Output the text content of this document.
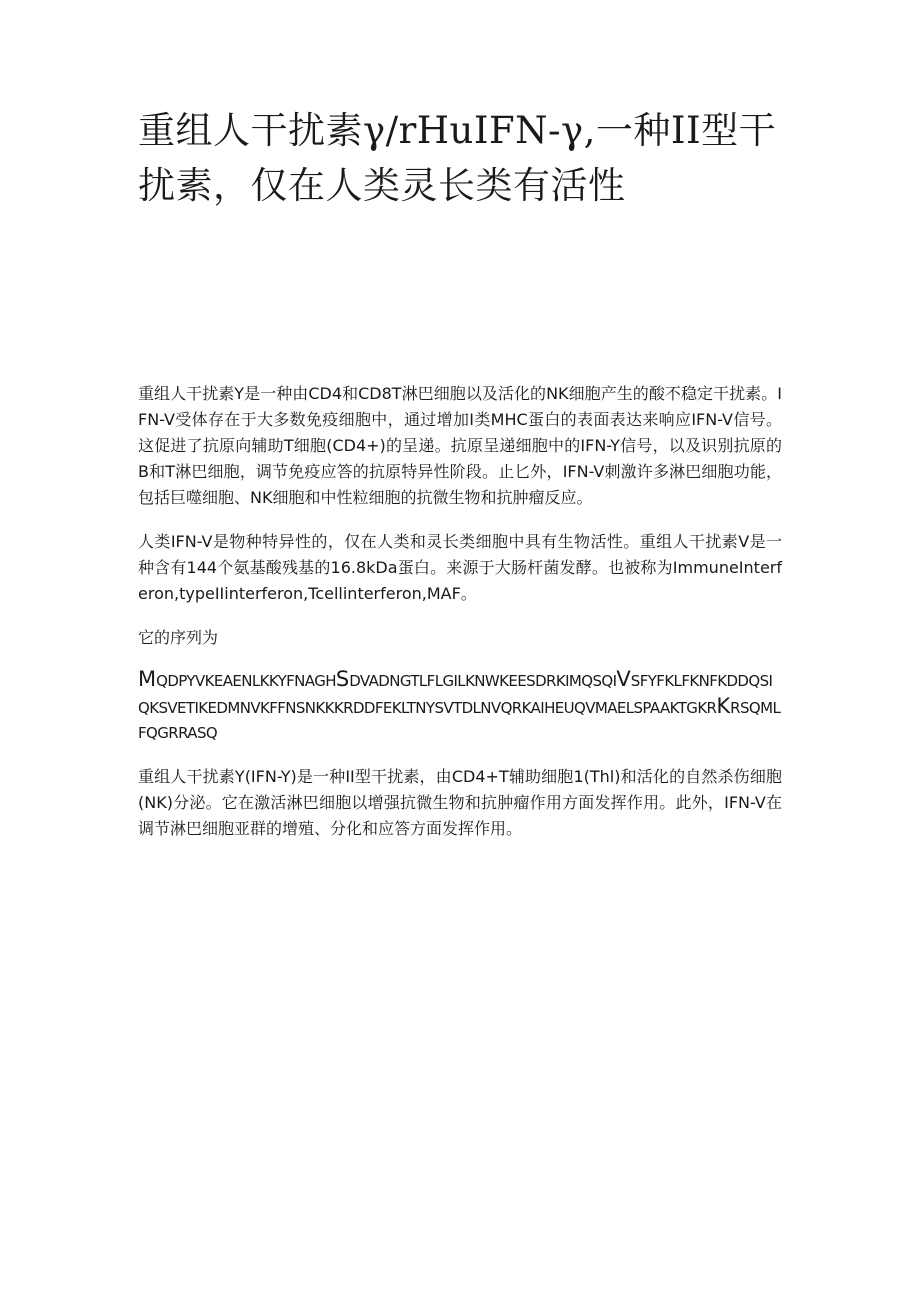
重组人干扰素γ/rHuIFN-γ,一种II型干扰素，仅在人类灵长类有活性

重组人干扰素Y是一种由CD4和CD8T淋巴细胞以及活化的NK细胞产生的酸不稳定干扰素。IFN-V受体存在于大多数免疫细胞中，通过增加I类MHC蛋白的表面表达来响应IFN-V信号。这促进了抗原向辅助T细胞(CD4+)的呈递。抗原呈递细胞中的IFN-Y信号，以及识别抗原的B和T淋巴细胞，调节免疫应答的抗原特异性阶段。止匕外，IFN-V刺激许多淋巴细胞功能，包括巨噬细胞、NK细胞和中性粒细胞的抗微生物和抗肿瘤反应。

人类IFN-V是物种特异性的，仅在人类和灵长类细胞中具有生物活性。重组人干扰素V是一种含有144个氨基酸残基的16.8kDa蛋白。来源于大肠杆菌发酵。也被称为ImmuneInterferon,typeIIinterferon,Tcellinterferon,MAF。

它的序列为

MQDPYVKEAENLKKYFNAGHSDVADNGTLFLGILKNWKEESDRKIMQSQIVSFYFKLFKNFKDDQSIQKSVETIKEDMNVKFFNSNKKKRDDFEKLTNYSVTDLNVQRKAIHEUQVMAELSPAAKTGKRKRSQMLFQGRRASQ

重组人干扰素Y(IFN-Y)是一种II型干扰素，由CD4+T辅助细胞1(Thl)和活化的自然杀伤细胞(NK)分泌。它在激活淋巴细胞以增强抗微生物和抗肿瘤作用方面发挥作用。此外，IFN-V在调节淋巴细胞亚群的增殖、分化和应答方面发挥作用。
